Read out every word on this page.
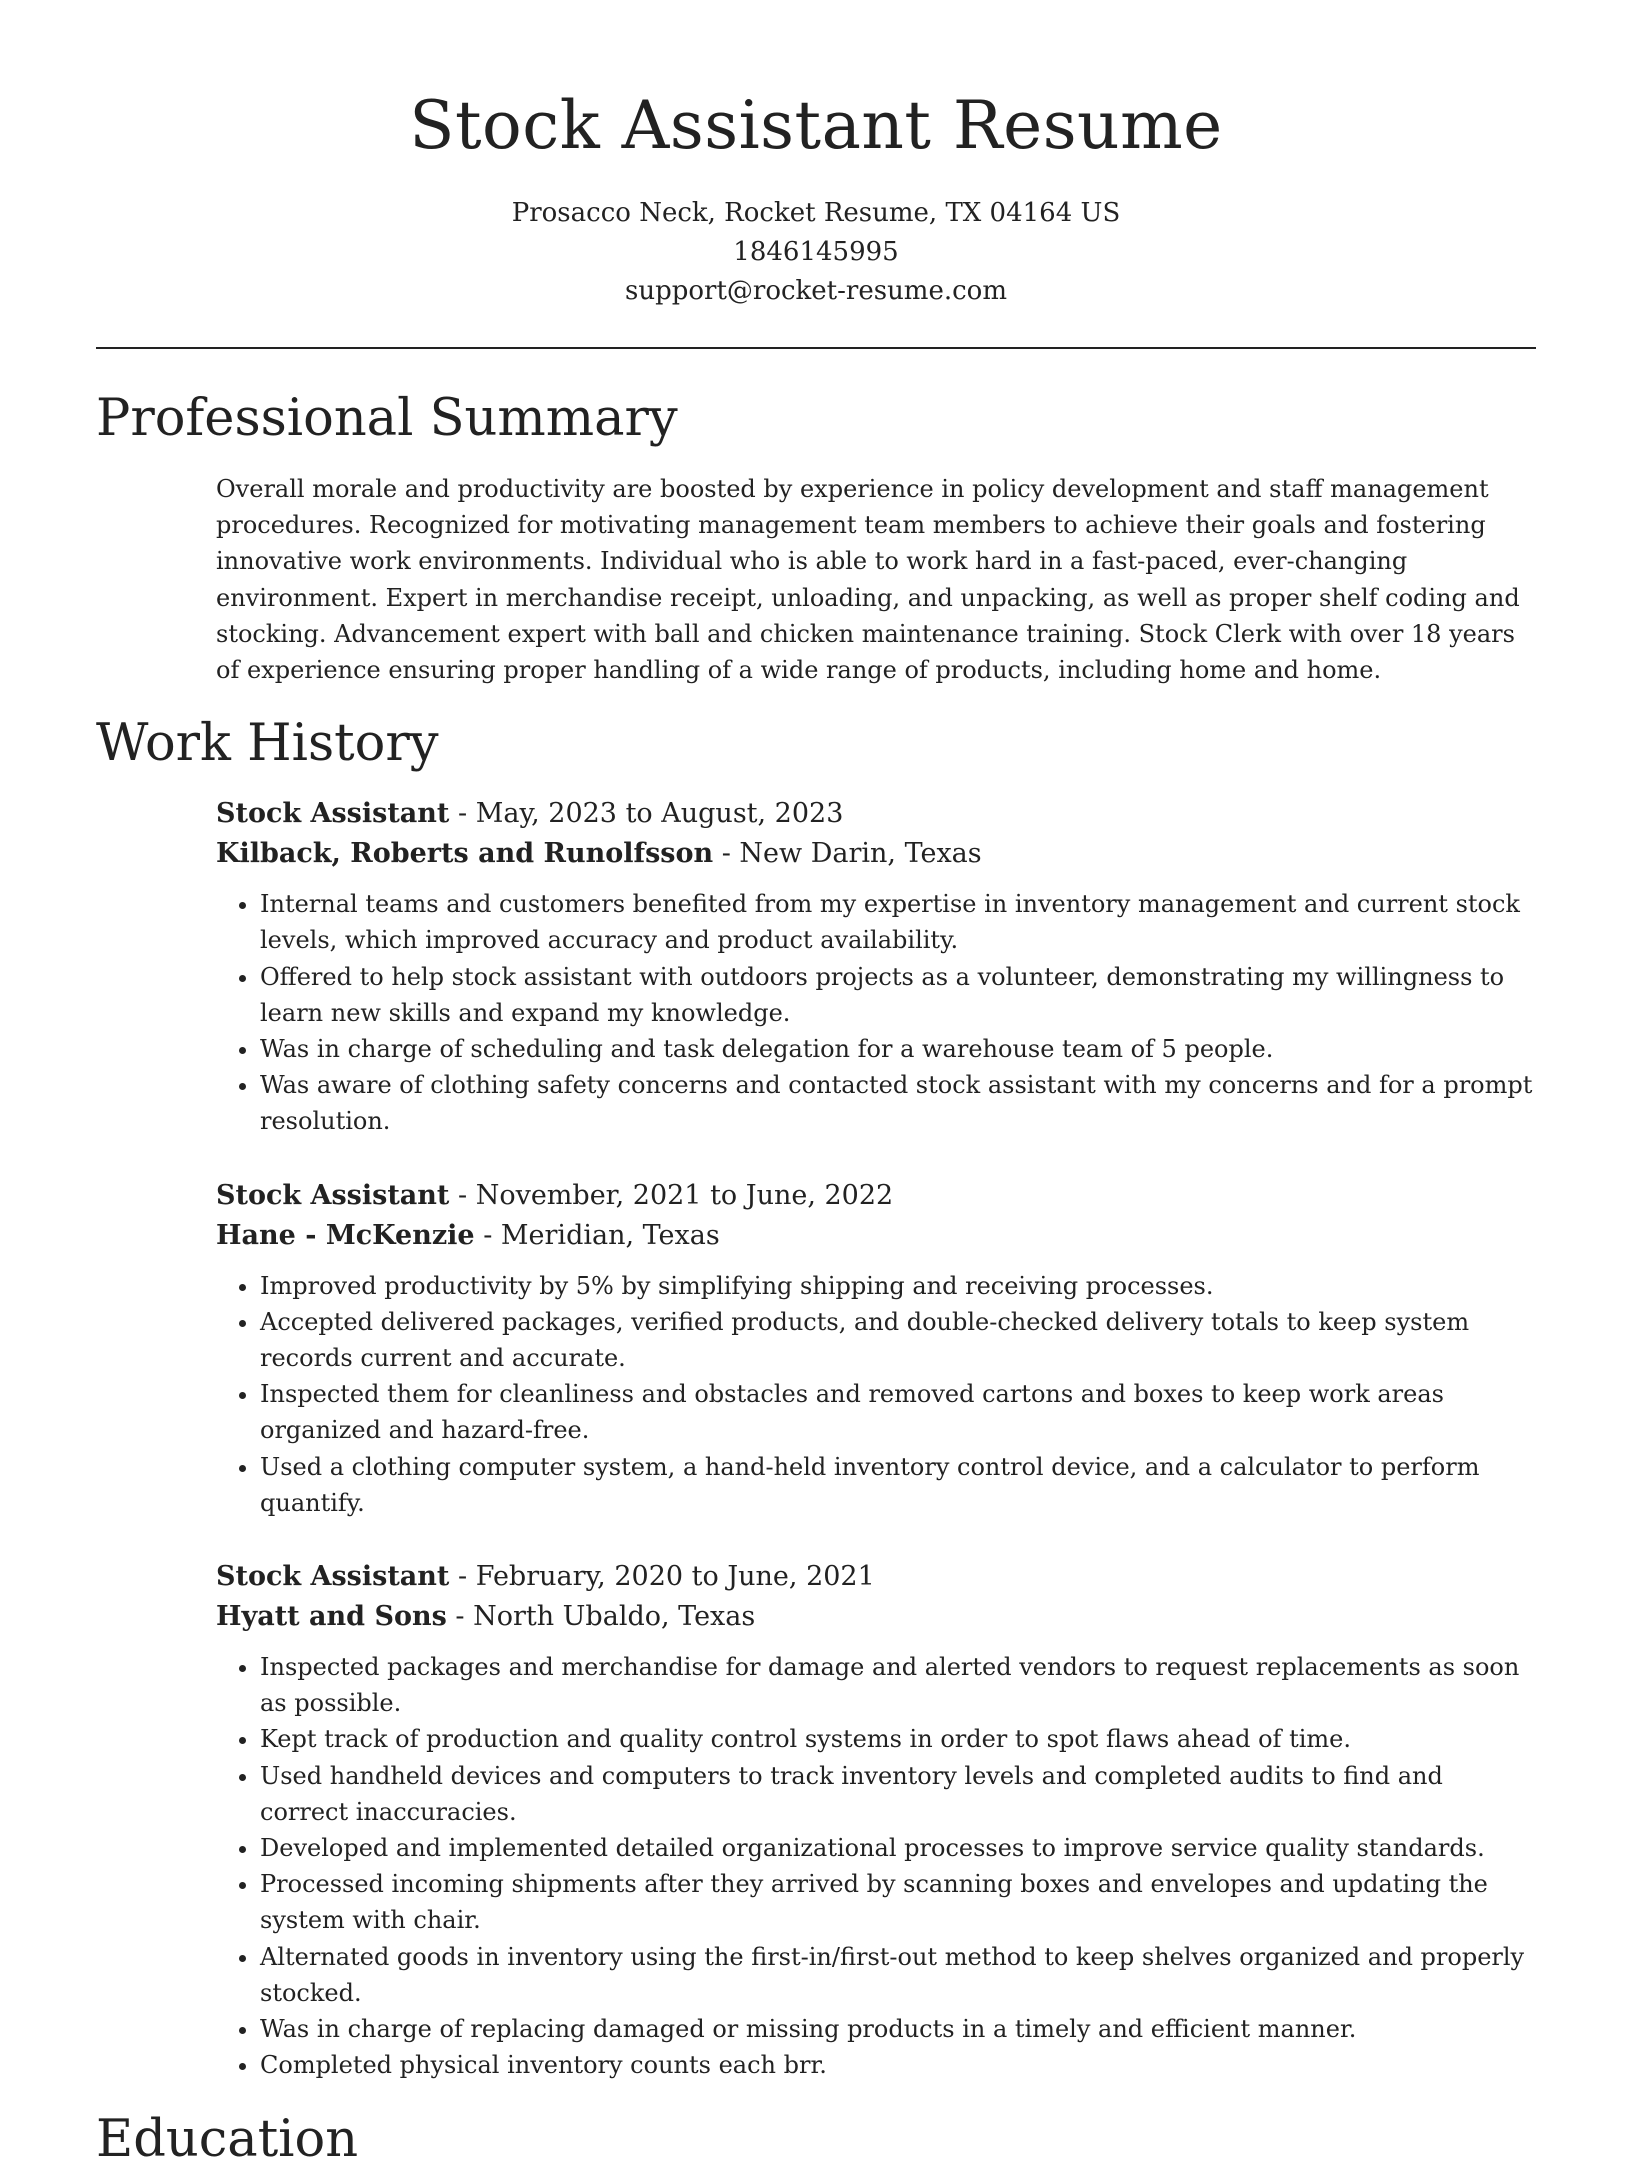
Stock Assistant Resume
Prosacco Neck, Rocket Resume, TX 04164 US
1846145995
support@rocket-resume.com
Professional Summary

Overall morale and productivity are boosted by experience in policy development and staff management procedures. Recognized for motivating management team members to achieve their goals and fostering innovative work environments. Individual who is able to work hard in a fast-paced, ever-changing environment. Expert in merchandise receipt, unloading, and unpacking, as well as proper shelf coding and stocking. Advancement expert with ball and chicken maintenance training. Stock Clerk with over 18 years of experience ensuring proper handling of a wide range of products, including home and home.

Work History
Stock Assistant - May, 2023 to August, 2023
Kilback, Roberts and Runolfsson - New Darin, Texas
• Internal teams and customers benefited from my expertise in inventory management and current stock levels, which improved accuracy and product availability.
• Offered to help stock assistant with outdoors projects as a volunteer, demonstrating my willingness to learn new skills and expand my knowledge.
• Was in charge of scheduling and task delegation for a warehouse team of 5 people.
• Was aware of clothing safety concerns and contacted stock assistant with my concerns and for a prompt resolution.
Stock Assistant - November, 2021 to June, 2022
Hane - McKenzie - Meridian, Texas
• Improved productivity by 5% by simplifying shipping and receiving processes.
• Accepted delivered packages, verified products, and double-checked delivery totals to keep system records current and accurate.
• Inspected them for cleanliness and obstacles and removed cartons and boxes to keep work areas organized and hazard-free.
• Used a clothing computer system, a hand-held inventory control device, and a calculator to perform quantify.
Stock Assistant - February, 2020 to June, 2021
Hyatt and Sons - North Ubaldo, Texas
• Inspected packages and merchandise for damage and alerted vendors to request replacements as soon as possible.
• Kept track of production and quality control systems in order to spot flaws ahead of time.
• Used handheld devices and computers to track inventory levels and completed audits to find and correct inaccuracies.
• Developed and implemented detailed organizational processes to improve service quality standards.
• Processed incoming shipments after they arrived by scanning boxes and envelopes and updating the system with chair.
• Alternated goods in inventory using the first-in/first-out method to keep shelves organized and properly stocked.
• Was in charge of replacing damaged or missing products in a timely and efficient manner.
• Completed physical inventory counts each brr.
Education
